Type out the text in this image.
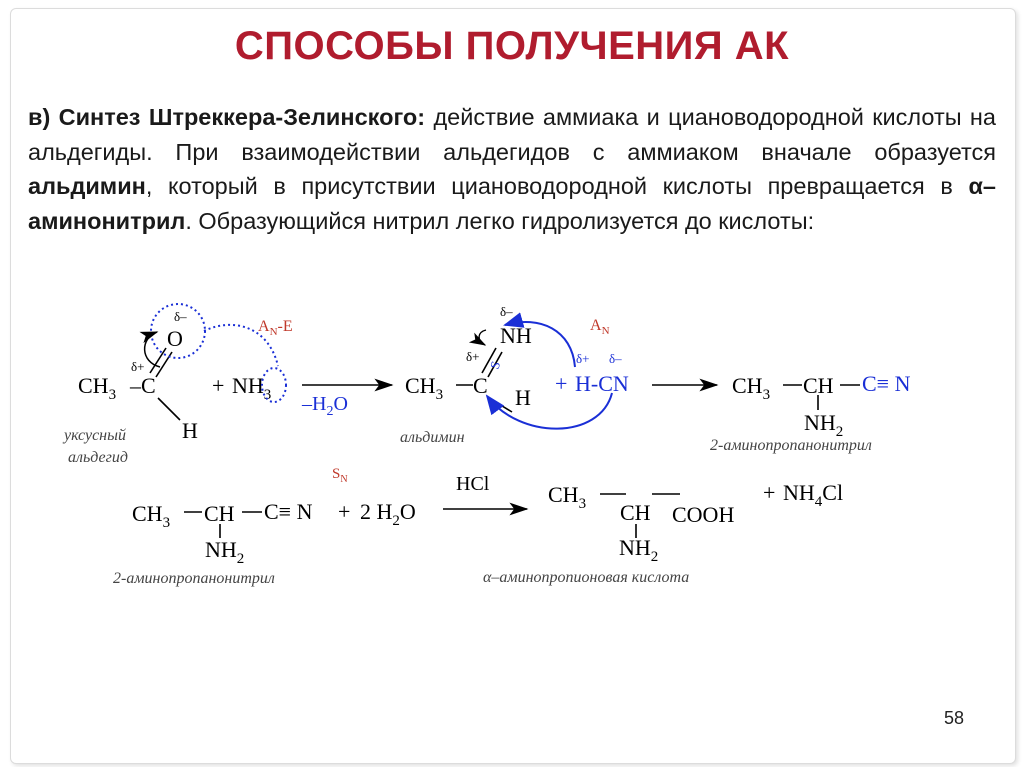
СПОСОБЫ ПОЛУЧЕНИЯ АК
в) Синтез Штреккера-Зелинского: действие аммиака и циановодородной кислоты на альдегиды. При взаимодействии альдегидов с аммиаком вначале образуется альдимин, который в присутствии циановодородной кислоты превращается в α–аминонитрил. Образующийся нитрил легко гидролизуется до кислоты:
$CH_3$ – C
δ+
O
δ–
H
уксусный
альдегид
+ $NH_3$
$A_N-E$
$-H_2O$
$CH_3$ C
δ+
NH
δ–
H
S
альдимин
+ H-CN
δ+ δ–
$A_N$
$CH_3$ CH C≡ N
$NH_2$
2-аминопропанонитрил
$S_N$
$CH_3$ CH C≡ N
$NH_2$
2-аминопропанонитрил
+ 2 $H_2O$
HCl	$CH_3$ CH COOH
$NH_2$
α–аминопропионовая кислота
+ $NH_4Cl$
58
